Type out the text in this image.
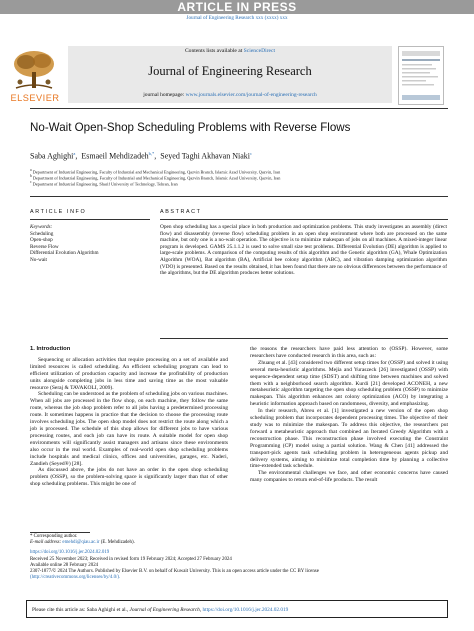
ARTICLE IN PRESS
Journal of Engineering Research xxx (xxxx) xxx
ELSEVIER
Contents lists available at ScienceDirect
Journal of Engineering Research
journal homepage: www.journals.elsevier.com/journal-of-engineering-research
No-Wait Open-Shop Scheduling Problems with Reverse Flows
Saba Aghighi$^a$,  Esmaeil Mehdizadeh$^{b,*}$,  Seyed Taghi Akhavan Niaki$^c$
$^a$ Department of Industrial Engineering, Faculty of Industrial and Mechanical Engineering, Qazvin Branch, Islamic Azad University, Qazvin, Iran
$^b$ Department of Industrial Engineering, Faculty of Industrial and Mechanical Engineering, Qazvin Branch, Islamic Azad University, Qazvin, Iran
$^c$ Department of Industrial Engineering, Sharif University of Technology, Tehran, Iran
ARTICLE INFO	ABSTRACT
Keywords:
Scheduling
Open-shop
Reverse Flow
Differential Evolution Algorithm
No-wait
Open shop scheduling has a special place in both production and optimization problems. This study investigates an assembly (direct flow) and disassembly (reverse flow) scheduling problem in an open shop environment where both are processed on the same machine, but only one is a no-wait operation. The objective is to minimize makespan of jobs on all machines. A mixed-integer linear program is developed. GAMS 25.1.1.2 is used to solve small size test problems. Differential Evolution (DE) algorithm is applied to large-scale problems. A comparison of the computing results of this algorithm and the Genetic algorithm (GA), Whale Optimization Algorithm (WOA), Bat algorithm (BA), Artificial bee colony algorithm (ABC), and vibration damping optimization algorithm (VDO) is presented. Based on the results obtained, it has been found that there are no obvious differences between the performance of the algorithms, but the DE algorithm produces better solutions.

1. Introduction

Sequencing or allocation activities that require processing on a set of available and limited resources is called scheduling. An efficient scheduling program can lead to efficient utilization of production capacity and increase the profitability of production units alongside completing jobs in less time and saving time as the most valuable resource (Seraj & TAVAKOLI, 2009).

Scheduling can be understood as the problem of scheduling jobs on various machines. When all jobs are processed in the flow shop, on each machine, they follow the same route, whereas the job shop problem refer to all jobs having a predetermined processing route. It sometimes happens in practice that the decision to choose the processing route involves scheduling jobs. The open shop model does not restrict the route along which a job is processed. The schedule of this shop allows for different jobs to have various processing routes, and each job can have its route. A suitable model for open shop environments will significantly assist managers and artisans since these environments also occur in the real world. Examples of real-world open shop scheduling problems include hospitals and medical clinics, offices and universities, garages, etc. Naderi, Zandieh (Seyed®) [28].

As discussed above, the jobs do not have an order in the open shop scheduling problem (OSSP), so the problem-solving space is significantly larger than that of other shop scheduling problems. This might be one of

the reasons the researchers have paid less attention to (OSSP). However, some researchers have conducted research in this area, such as:

Zhuang et al. [43] considered two different setup times for (OSSP) and solved it using several meta-heuristic algorithms. Mejia and Yuraszeck [26] investigated (OSSP) with sequence-dependent setup time (SDST) and shifting time between machines and solved them with a neighborhood search algorithm. Kurdi [21] developed ACONEH, a new metaheuristic algorithm targeting the open shop scheduling problem (OSSP) to minimize makespan. This algorithm enhances ant colony optimization (ACO) by integrating a heuristic information approach based on randomness, diversity, and emphasizing.

In their research, Abreu et al. [1] investigated a new version of the open shop scheduling problem that incorporates dependent processing times. The objective of their study was to minimize the makespan. To address this objective, the researchers put forward a metaheuristic approach that combined an Iterated Greedy Algorithm with a reconstruction phase. This reconstruction phase involved executing the Constraint Programming (CP) model using a partial solution. Wang & Chen [41] addressed the transport-pick agents task scheduling problem in heterogeneous agents pickup and delivery systems, aiming to minimize total completion time by planning a collective time-extended task schedule.

The environmental challenges we face, and other economic concerns have caused many companies to return end-of-life products. The result

* Corresponding author.
E-mail address: emehdi@qiau.ac.ir (E. Mehdizadeh).
https://doi.org/10.1016/j.jer.2024.02.019
Received 25 November 2023; Received in revised form 19 February 2024; Accepted 27 February 2024
Available online 28 February 2024
2307-1877/© 2024 The Authors. Published by Elsevier B.V. on behalf of Kuwait University. This is an open access article under the CC BY license
(http://creativecommons.org/licenses/by/4.0/).
Please cite this article as: Saba Aghighi et al., Journal of Engineering Research, https://doi.org/10.1016/j.jer.2024.02.019
